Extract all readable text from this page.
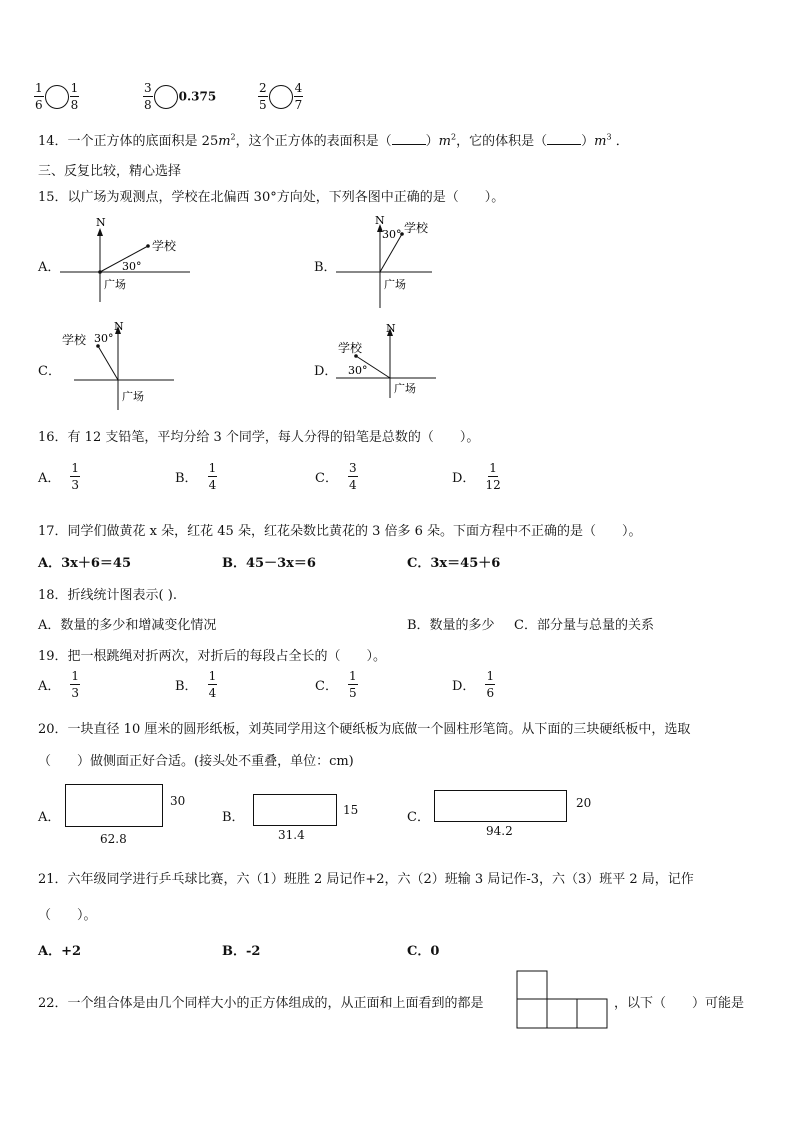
$\frac{1}{6} \frac{1}{8}$	$\frac{3}{8} 0.375$	$\frac{2}{5} \frac{4}{7}$
14．一个正方体的底面积是 $25m^2$，这个正方体的表面积是（	）$m^2$，它的体积是（	）$m^3$ ．
三、反复比较，精心选择
15．以广场为观测点，学校在北偏西 30°方向处，下列各图中正确的是（　　）。
A．
N
学校
30°
广场
B．
N
学校
30°
广场
C．
N
学校 30°
广场
D．
N
学校
30°
广场
16．有 12 支铅笔，平均分给 3 个同学，每人分得的铅笔是总数的（　　）。
A． $\frac{1}{3}$	B． $\frac{1}{4}$	C． $\frac{3}{4}$	D． $\frac{1}{12}$
17．同学们做黄花 x 朵，红花 45 朵，红花朵数比黄花的 3 倍多 6 朵。下面方程中不正确的是（　　）。
A．3x＋6＝45	B．45－3x＝6	C．3x＝45＋6
18．折线统计图表示( ).
A．数量的多少和增减变化情况	B．数量的多少 C．部分量与总量的关系
19．把一根跳绳对折两次，对折后的每段占全长的（　　）。
A． $\frac{1}{3}$	B． $\frac{1}{4}$	C． $\frac{1}{5}$	D． $\frac{1}{6}$
20．一块直径 10 厘米的圆形纸板，刘英同学用这个硬纸板为底做一个圆柱形笔筒。从下面的三块硬纸板中，选取
（　　）做侧面正好合适。(接头处不重叠，单位：cm)
A．
30
62.8
B．	15
31.4
C．
20
94.2
21．六年级同学进行乒乓球比赛，六（1）班胜 2 局记作+2，六（2）班输 3 局记作-3，六（3）班平 2 局，记作
（　　）。
A．+2	B．-2	C．0
22．一个组合体是由几个同样大小的正方体组成的，从正面和上面看到的都是	，以下（　　）可能是
